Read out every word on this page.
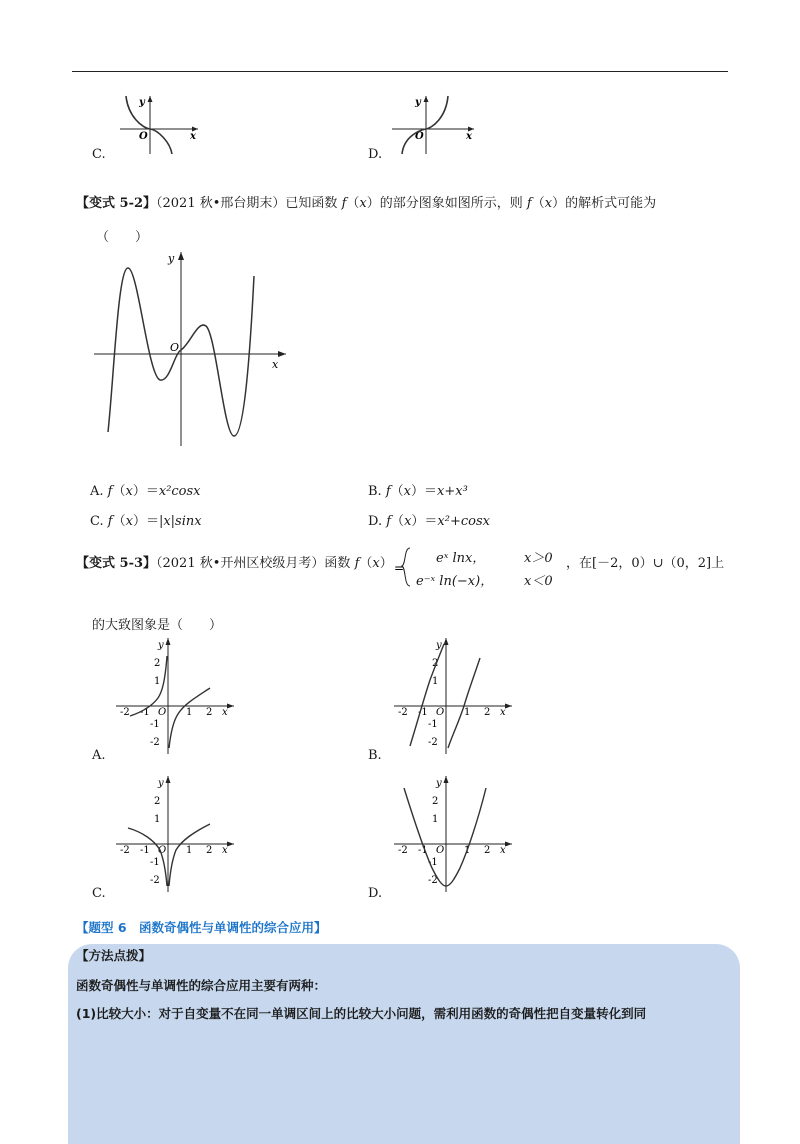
y
O	x
C.
y
O	x
D.
【变式 5-2】（2021 秋•邢台期末）已知函数 f（x）的部分图象如图所示，则 f（x）的解析式可能为
（　　）
y
O
x
A. f（x）＝x²cosx	B. f（x）＝x+x³
C. f（x）＝|x|sinx	D. f（x）＝x²+cosx
【变式 5-3】（2021 秋•开州区校级月考）函数 f（x） =
eˣ lnx，	x＞0
e⁻ˣ ln(−x)， x＜0
，在[－2，0）∪（0，2]上
的大致图象是（　　）
y
2
1
-1
-2
-2 -1 O 1 2 x
A.
y
2
1
-1
-2
-2 -1 O 1 2 x
B.
y
2
1
-1
-2
-2 -1 O 1 2 x
C.
y
2
1
-1
-2
-2 -1 O 1 2 x
D.
【题型 6　函数奇偶性与单调性的综合应用】
【方法点拨】
函数奇偶性与单调性的综合应用主要有两种：
(1)比较大小：对于自变量不在同一单调区间上的比较大小问题，需利用函数的奇偶性把自变量转化到同
